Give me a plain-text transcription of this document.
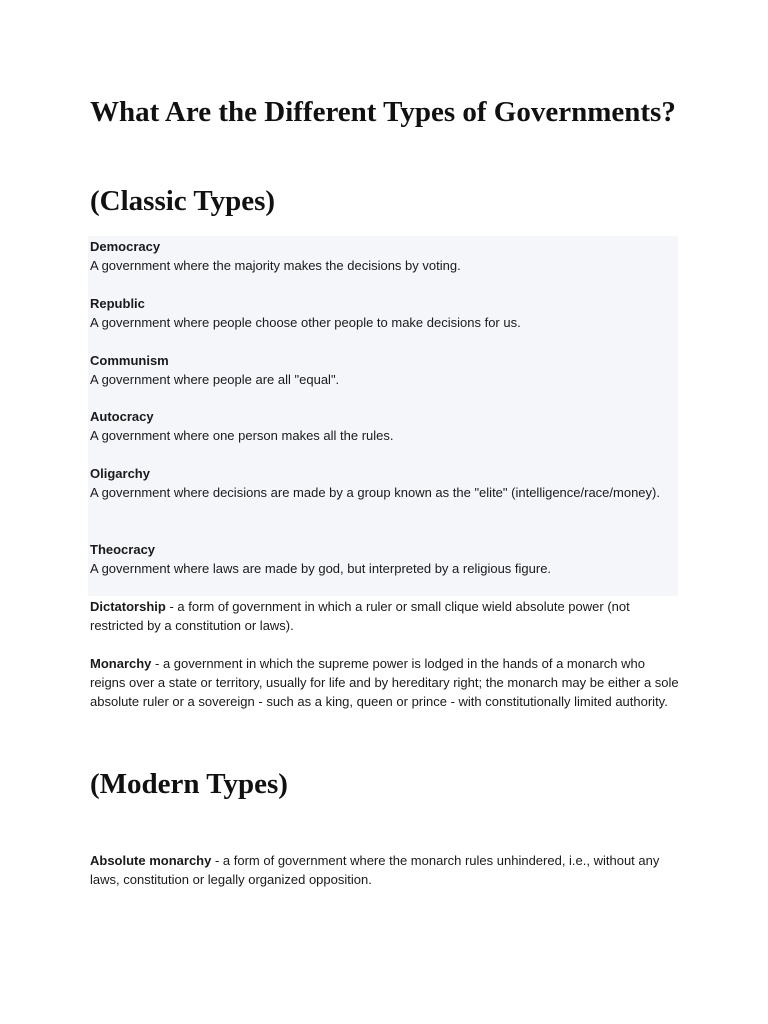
What Are the Different Types of Governments?
(Classic Types)
Democracy
A government where the majority makes the decisions by voting.
Republic
A government where people choose other people to make decisions for us.
Communism
A government where people are all "equal".
Autocracy
A government where one person makes all the rules.
Oligarchy
A government where decisions are made by a group known as the "elite" (intelligence/race/money).
Theocracy
A government where laws are made by god, but interpreted by a religious figure.
Dictatorship - a form of government in which a ruler or small clique wield absolute power (not restricted by a constitution or laws).
Monarchy - a government in which the supreme power is lodged in the hands of a monarch who reigns over a state or territory, usually for life and by hereditary right; the monarch may be either a sole absolute ruler or a sovereign - such as a king, queen or prince - with constitutionally limited authority.
(Modern Types)
Absolute monarchy - a form of government where the monarch rules unhindered, i.e., without any laws, constitution or legally organized opposition.
